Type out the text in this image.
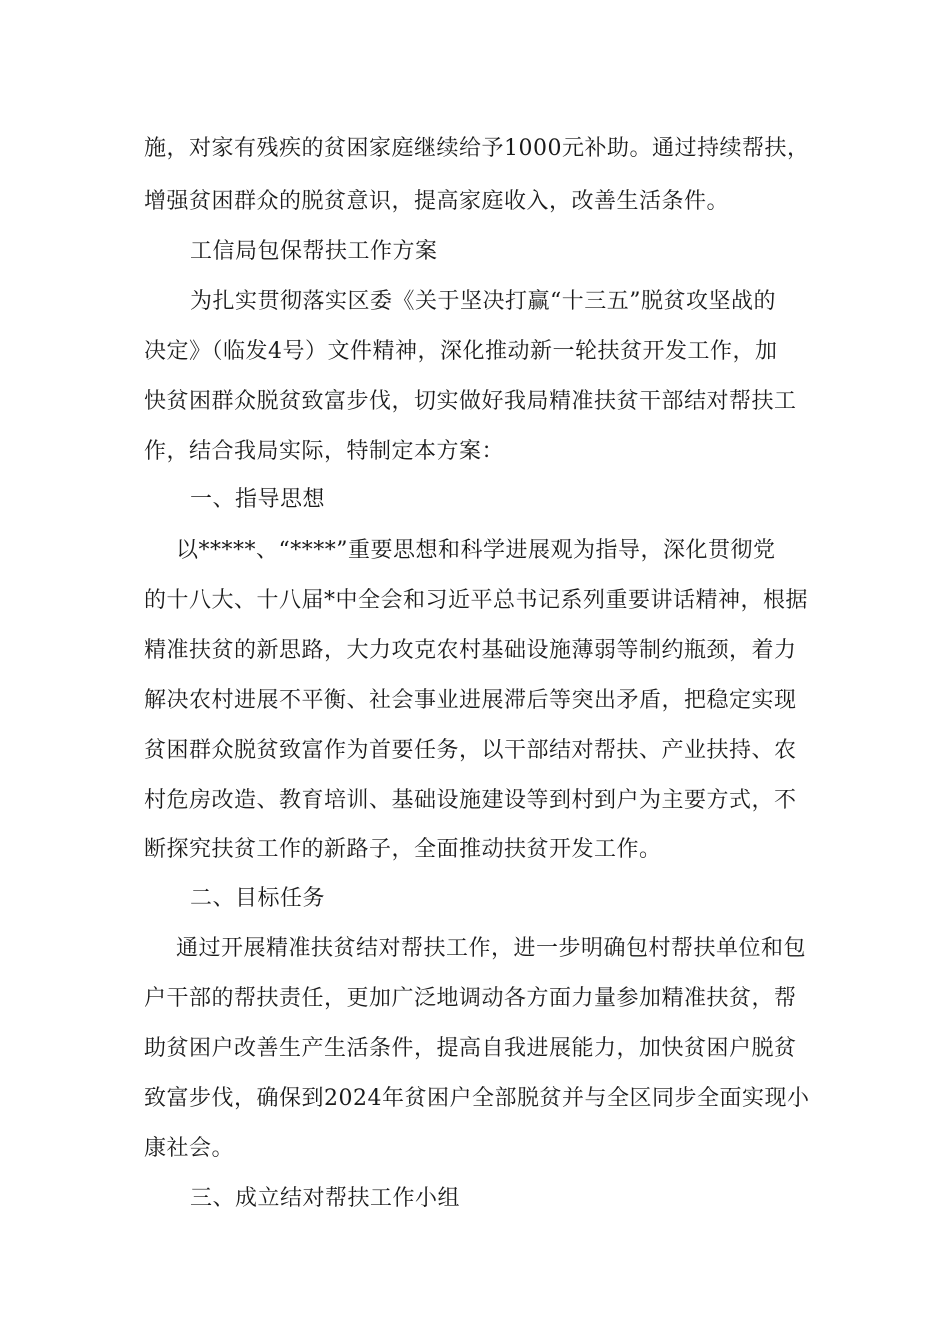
施，对家有残疾的贫困家庭继续给予1000元补助。通过持续帮扶，
增强贫困群众的脱贫意识，提高家庭收入，改善生活条件。
工信局包保帮扶工作方案
为扎实贯彻落实区委《关于坚决打赢“十三五”脱贫攻坚战的
决定》（临发4号）文件精神，深化推动新一轮扶贫开发工作，加
快贫困群众脱贫致富步伐，切实做好我局精准扶贫干部结对帮扶工
作，结合我局实际，特制定本方案：
一、指导思想
以*****、“****”重要思想和科学进展观为指导，深化贯彻党
的十八大、十八届*中全会和习近平总书记系列重要讲话精神，根据
精准扶贫的新思路，大力攻克农村基础设施薄弱等制约瓶颈，着力
解决农村进展不平衡、社会事业进展滞后等突出矛盾，把稳定实现
贫困群众脱贫致富作为首要任务，以干部结对帮扶、产业扶持、农
村危房改造、教育培训、基础设施建设等到村到户为主要方式，不
断探究扶贫工作的新路子，全面推动扶贫开发工作。
二、目标任务
通过开展精准扶贫结对帮扶工作，进一步明确包村帮扶单位和包
户干部的帮扶责任，更加广泛地调动各方面力量参加精准扶贫，帮
助贫困户改善生产生活条件，提高自我进展能力，加快贫困户脱贫
致富步伐，确保到2024年贫困户全部脱贫并与全区同步全面实现小
康社会。
三、成立结对帮扶工作小组
